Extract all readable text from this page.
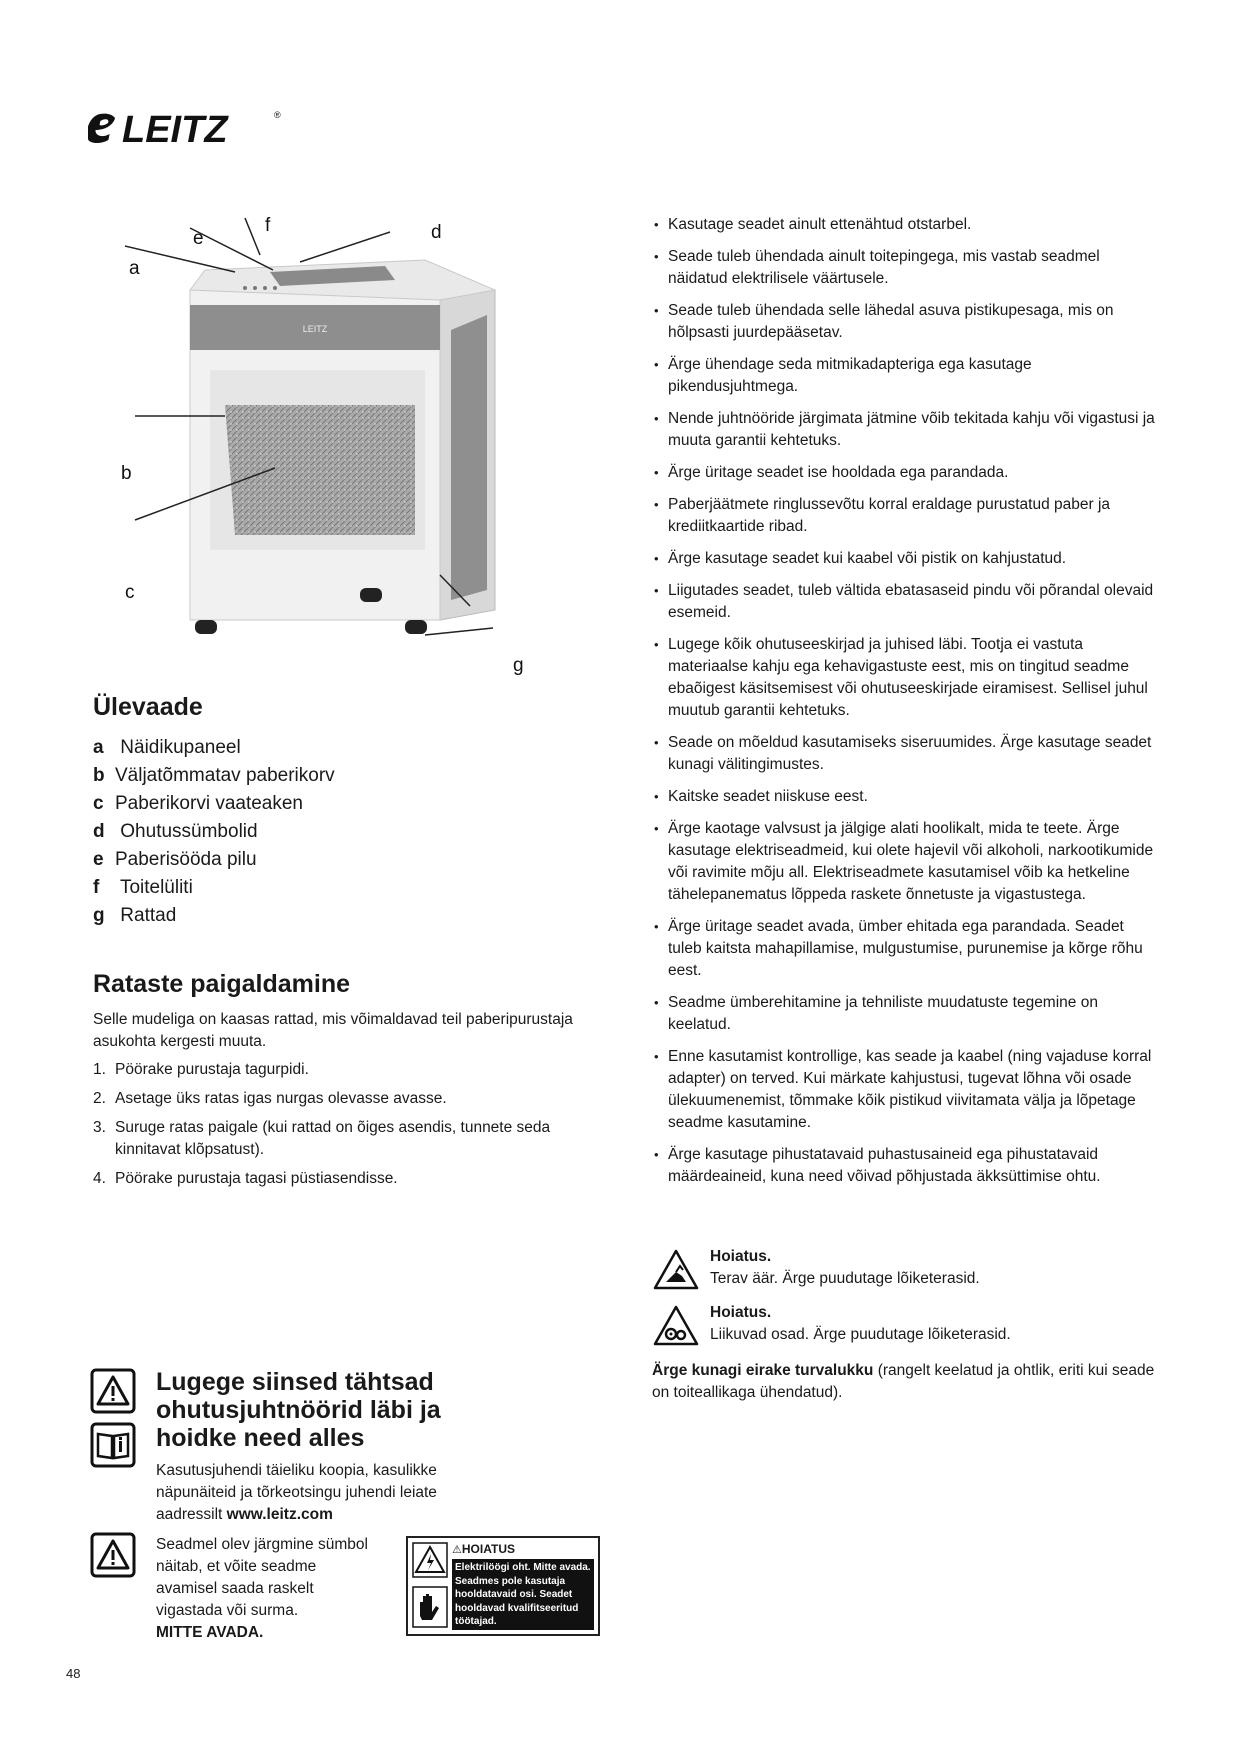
LEITZ	®
LEITZ
a
b
c
d
e
f
g
Ülevaade
a Näidikupaneel
b Väljatõmmatav paberikorv
c Paberikorvi vaateaken
d Ohutussümbolid
e Paberisööda pilu
f Toitelüliti
g Rattad
Rataste paigaldamine

Selle mudeliga on kaasas rattad, mis võimaldavad teil paberipurustaja asukohta kergesti muuta.

1. Pöörake purustaja tagurpidi.
2. Asetage üks ratas igas nurgas olevasse avasse.
3. Suruge ratas paigale (kui rattad on õiges asendis, tunnete seda kinnitavat klõpsatust).
4. Pöörake purustaja tagasi püstiasendisse.
Lugege siinsed tähtsad ohutusjuhtnöörid läbi ja hoidke need alles
Kasutusjuhendi täieliku koopia, kasulikke näpunäiteid ja tõrkeotsingu juhendi leiate aadressilt www.leitz.com
Seadmel olev järgmine sümbol näitab, et võite seadme avamisel saada raskelt vigastada või surma.
MITTE AVADA.
⚠HOIATUS
Elektrilöögi oht. Mitte avada. Seadmes pole kasutaja hooldatavaid osi. Seadet hooldavad kvalifitseeritud töötajad.
• Kasutage seadet ainult ettenähtud otstarbel.
• Seade tuleb ühendada ainult toitepingega, mis vastab seadmel näidatud elektrilisele väärtusele.
• Seade tuleb ühendada selle lähedal asuva pistikupesaga, mis on hõlpsasti juurdepääsetav.
• Ärge ühendage seda mitmikadapteriga ega kasutage pikendusjuhtmega.
• Nende juhtnööride järgimata jätmine võib tekitada kahju või vigastusi ja muuta garantii kehtetuks.
• Ärge üritage seadet ise hooldada ega parandada.
• Paberjäätmete ringlussevõtu korral eraldage purustatud paber ja krediitkaartide ribad.
• Ärge kasutage seadet kui kaabel või pistik on kahjustatud.
• Liigutades seadet, tuleb vältida ebatasaseid pindu või põrandal olevaid esemeid.
• Lugege kõik ohutuseeskirjad ja juhised läbi. Tootja ei vastuta materiaalse kahju ega kehavigastuste eest, mis on tingitud seadme ebaõigest käsitsemisest või ohutuseeskirjade eiramisest. Sellisel juhul muutub garantii kehtetuks.
• Seade on mõeldud kasutamiseks siseruumides. Ärge kasutage seadet kunagi välitingimustes.
• Kaitske seadet niiskuse eest.
• Ärge kaotage valvsust ja jälgige alati hoolikalt, mida te teete. Ärge kasutage elektriseadmeid, kui olete hajevil või alkoholi, narkootikumide või ravimite mõju all. Elektriseadmete kasutamisel võib ka hetkeline tähelepanematus lõppeda raskete õnnetuste ja vigastustega.
• Ärge üritage seadet avada, ümber ehitada ega parandada. Seadet tuleb kaitsta mahapillamise, mulgustumise, purunemise ja kõrge rõhu eest.
• Seadme ümberehitamine ja tehniliste muudatuste tegemine on keelatud.
• Enne kasutamist kontrollige, kas seade ja kaabel (ning vajaduse korral adapter) on terved. Kui märkate kahjustusi, tugevat lõhna või osade ülekuumenemist, tõmmake kõik pistikud viivitamata välja ja lõpetage seadme kasutamine.
• Ärge kasutage pihustatavaid puhastusaineid ega pihustatavaid määrdeaineid, kuna need võivad põhjustada äkksüttimise ohtu.
Hoiatus.
Terav äär. Ärge puudutage lõiketerasid.
Hoiatus.
Liikuvad osad. Ärge puudutage lõiketerasid.
Ärge kunagi eirake turvalukku (rangelt keelatud ja ohtlik, eriti kui seade on toiteallikaga ühendatud).
48
